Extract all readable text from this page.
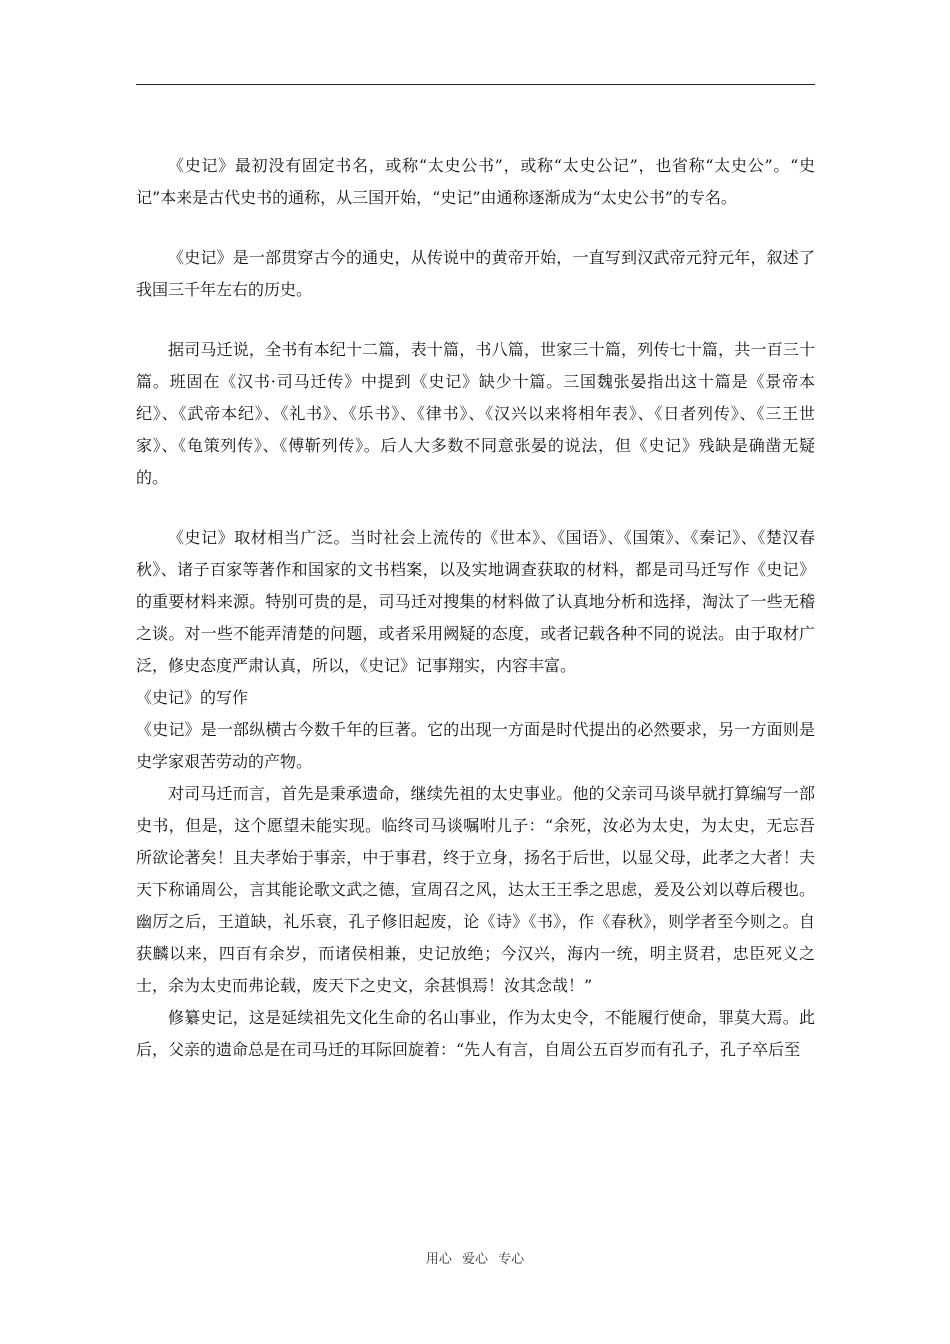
《史记》最初没有固定书名，或称“太史公书”，或称“太史公记”，也省称“太史公”。“史记”本来是古代史书的通称，从三国开始，“史记”由通称逐渐成为“太史公书”的专名。

《史记》是一部贯穿古今的通史，从传说中的黄帝开始，一直写到汉武帝元狩元年，叙述了我国三千年左右的历史。

据司马迁说，全书有本纪十二篇，表十篇，书八篇，世家三十篇，列传七十篇，共一百三十篇。班固在《汉书·司马迁传》中提到《史记》缺少十篇。三国魏张晏指出这十篇是《景帝本纪》、《武帝本纪》、《礼书》、《乐书》、《律书》、《汉兴以来将相年表》、《日者列传》、《三王世家》、《龟策列传》、《傅靳列传》。后人大多数不同意张晏的说法，但《史记》残缺是确凿无疑的。

《史记》取材相当广泛。当时社会上流传的《世本》、《国语》、《国策》、《秦记》、《楚汉春秋》、诸子百家等著作和国家的文书档案，以及实地调查获取的材料，都是司马迁写作《史记》的重要材料来源。特别可贵的是，司马迁对搜集的材料做了认真地分析和选择，淘汰了一些无稽之谈。对一些不能弄清楚的问题，或者采用阙疑的态度，或者记载各种不同的说法。由于取材广泛，修史态度严肃认真，所以，《史记》记事翔实，内容丰富。

《史记》的写作

《史记》是一部纵横古今数千年的巨著。它的出现一方面是时代提出的必然要求，另一方面则是史学家艰苦劳动的产物。

对司马迁而言，首先是秉承遗命，继续先祖的太史事业。他的父亲司马谈早就打算编写一部史书，但是，这个愿望未能实现。临终司马谈嘱咐儿子：“余死，汝必为太史，为太史，无忘吾所欲论著矣！且夫孝始于事亲，中于事君，终于立身，扬名于后世，以显父母，此孝之大者！夫天下称诵周公，言其能论歌文武之德，宣周召之风，达太王王季之思虑，爰及公刘以尊后稷也。幽厉之后，王道缺，礼乐衰，孔子修旧起废，论《诗》《书》，作《春秋》，则学者至今则之。自获麟以来，四百有余岁，而诸侯相兼，史记放绝；今汉兴，海内一统，明主贤君，忠臣死义之士，余为太史而弗论载，废天下之史文，余甚惧焉！汝其念哉！”

修纂史记，这是延续祖先文化生命的名山事业，作为太史令，不能履行使命，罪莫大焉。此后，父亲的遗命总是在司马迁的耳际回旋着：“先人有言，自周公五百岁而有孔子，孔子卒后至

用心 爱心 专心
